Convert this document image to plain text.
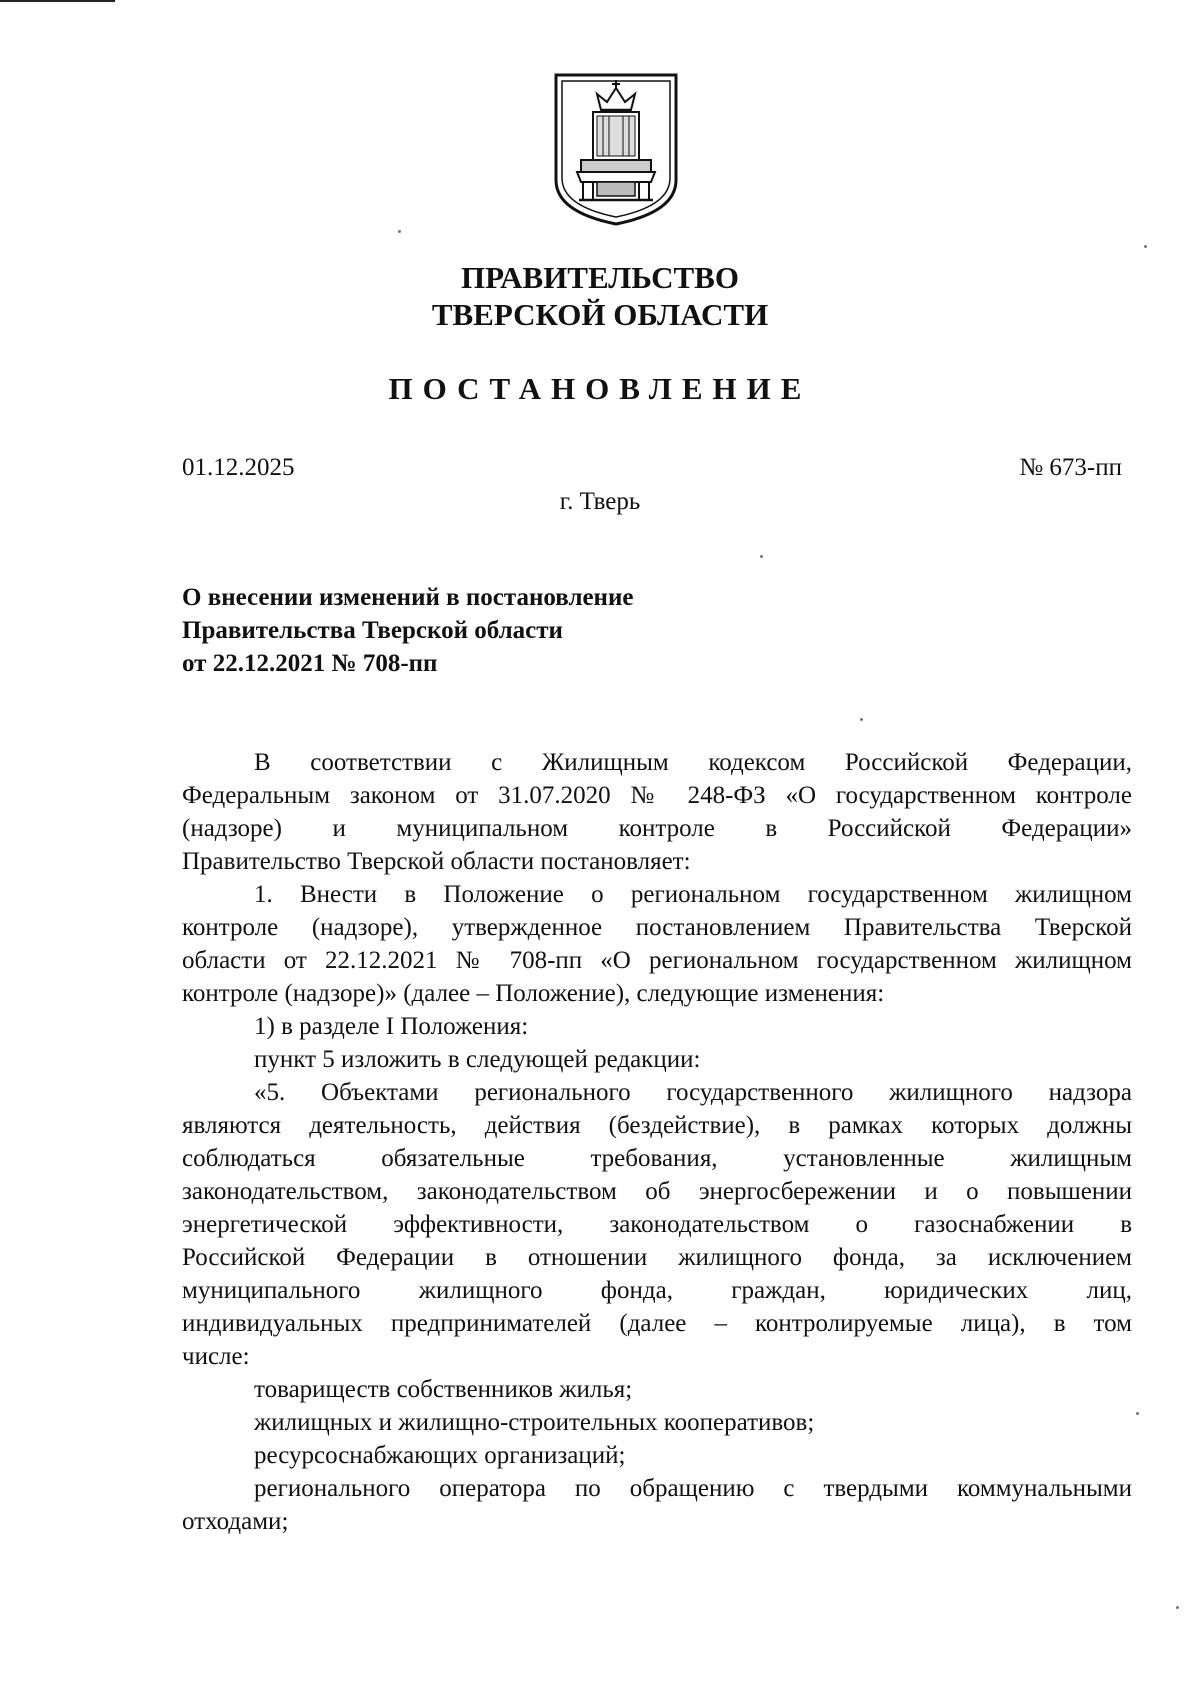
ПРАВИТЕЛЬСТВО
ТВЕРСКОЙ ОБЛАСТИ
ПОСТАНОВЛЕНИЕ
01.12.2025	№ 673-пп
г. Тверь
О внесении изменений в постановление
Правительства Тверской области
от 22.12.2021 № 708-пп
В соответствии с Жилищным кодексом Российской Федерации,
Федеральным законом от 31.07.2020 № 248-ФЗ «О государственном контроле
(надзоре) и муниципальном контроле в Российской Федерации»
Правительство Тверской области постановляет:
1. Внести в Положение о региональном государственном жилищном
контроле (надзоре), утвержденное постановлением Правительства Тверской
области от 22.12.2021 № 708-пп «О региональном государственном жилищном
контроле (надзоре)» (далее – Положение), следующие изменения:
1) в разделе I Положения:
пункт 5 изложить в следующей редакции:
«5. Объектами регионального государственного жилищного надзора
являются деятельность, действия (бездействие), в рамках которых должны
соблюдаться обязательные требования, установленные жилищным
законодательством, законодательством об энергосбережении и о повышении
энергетической эффективности, законодательством о газоснабжении в
Российской Федерации в отношении жилищного фонда, за исключением
муниципального жилищного фонда, граждан, юридических лиц,
индивидуальных предпринимателей (далее – контролируемые лица), в том
числе:
товариществ собственников жилья;
жилищных и жилищно-строительных кооперативов;
ресурсоснабжающих организаций;
регионального оператора по обращению с твердыми коммунальными
отходами;
